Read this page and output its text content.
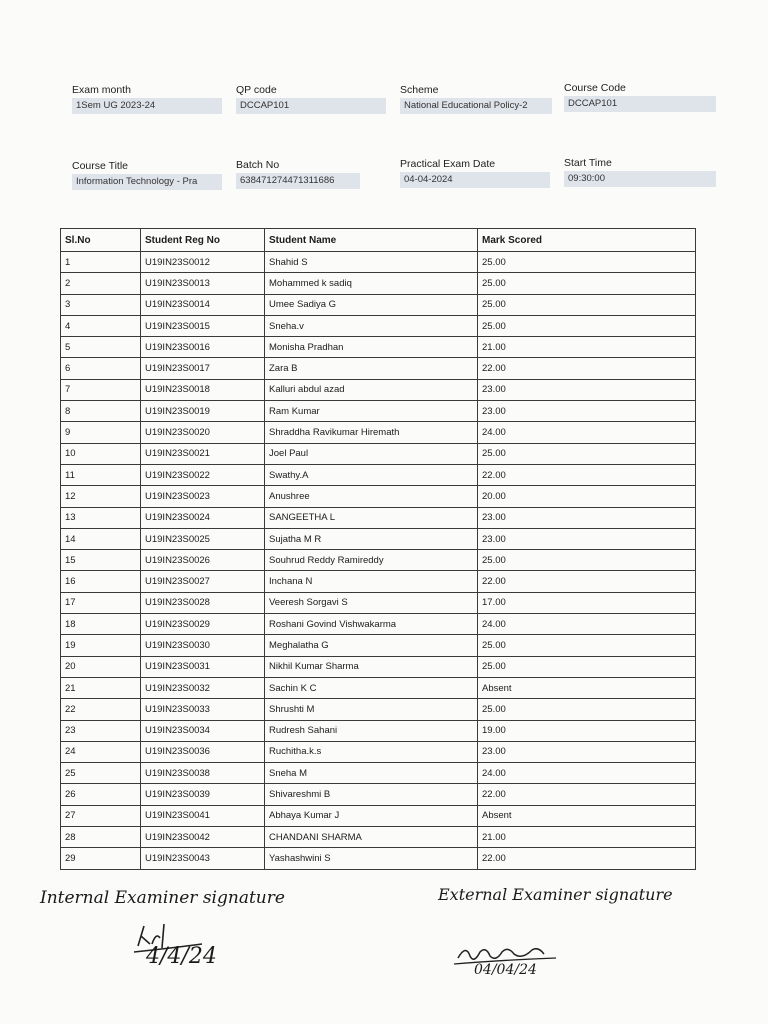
Exam month
1Sem UG 2023-24
QP code
DCCAP101
Scheme
National Educational Policy-2
Course Code
DCCAP101
Course Title
Information Technology - Pra
Batch No
638471274471311686
Practical Exam Date
04-04-2024
Start Time
09:30:00
Sl.No	Student Reg No	Student Name	Mark Scored
1	U19IN23S0012	Shahid S	25.00
2	U19IN23S0013	Mohammed k sadiq	25.00
3	U19IN23S0014	Umee Sadiya G	25.00
4	U19IN23S0015	Sneha.v	25.00
5	U19IN23S0016	Monisha Pradhan	21.00
6	U19IN23S0017	Zara B	22.00
7	U19IN23S0018	Kalluri abdul azad	23.00
8	U19IN23S0019	Ram Kumar	23.00
9	U19IN23S0020	Shraddha Ravikumar Hiremath	24.00
10	U19IN23S0021	Joel Paul	25.00
11	U19IN23S0022	Swathy.A	22.00
12	U19IN23S0023	Anushree	20.00
13	U19IN23S0024	SANGEETHA L	23.00
14	U19IN23S0025	Sujatha M R	23.00
15	U19IN23S0026	Souhrud Reddy Ramireddy	25.00
16	U19IN23S0027	Inchana N	22.00
17	U19IN23S0028	Veeresh Sorgavi S	17.00
18	U19IN23S0029	Roshani Govind Vishwakarma	24.00
19	U19IN23S0030	Meghalatha G	25.00
20	U19IN23S0031	Nikhil Kumar Sharma	25.00
21	U19IN23S0032	Sachin K C	Absent
22	U19IN23S0033	Shrushti M	25.00
23	U19IN23S0034	Rudresh Sahani	19.00
24	U19IN23S0036	Ruchitha.k.s	23.00
25	U19IN23S0038	Sneha M	24.00
26	U19IN23S0039	Shivareshmi B	22.00
27	U19IN23S0041	Abhaya Kumar J	Absent
28	U19IN23S0042	CHANDANI SHARMA	21.00
29	U19IN23S0043	Yashashwini S	22.00
Internal Examiner signature	External Examiner signature
4/4/24
04/04/24
